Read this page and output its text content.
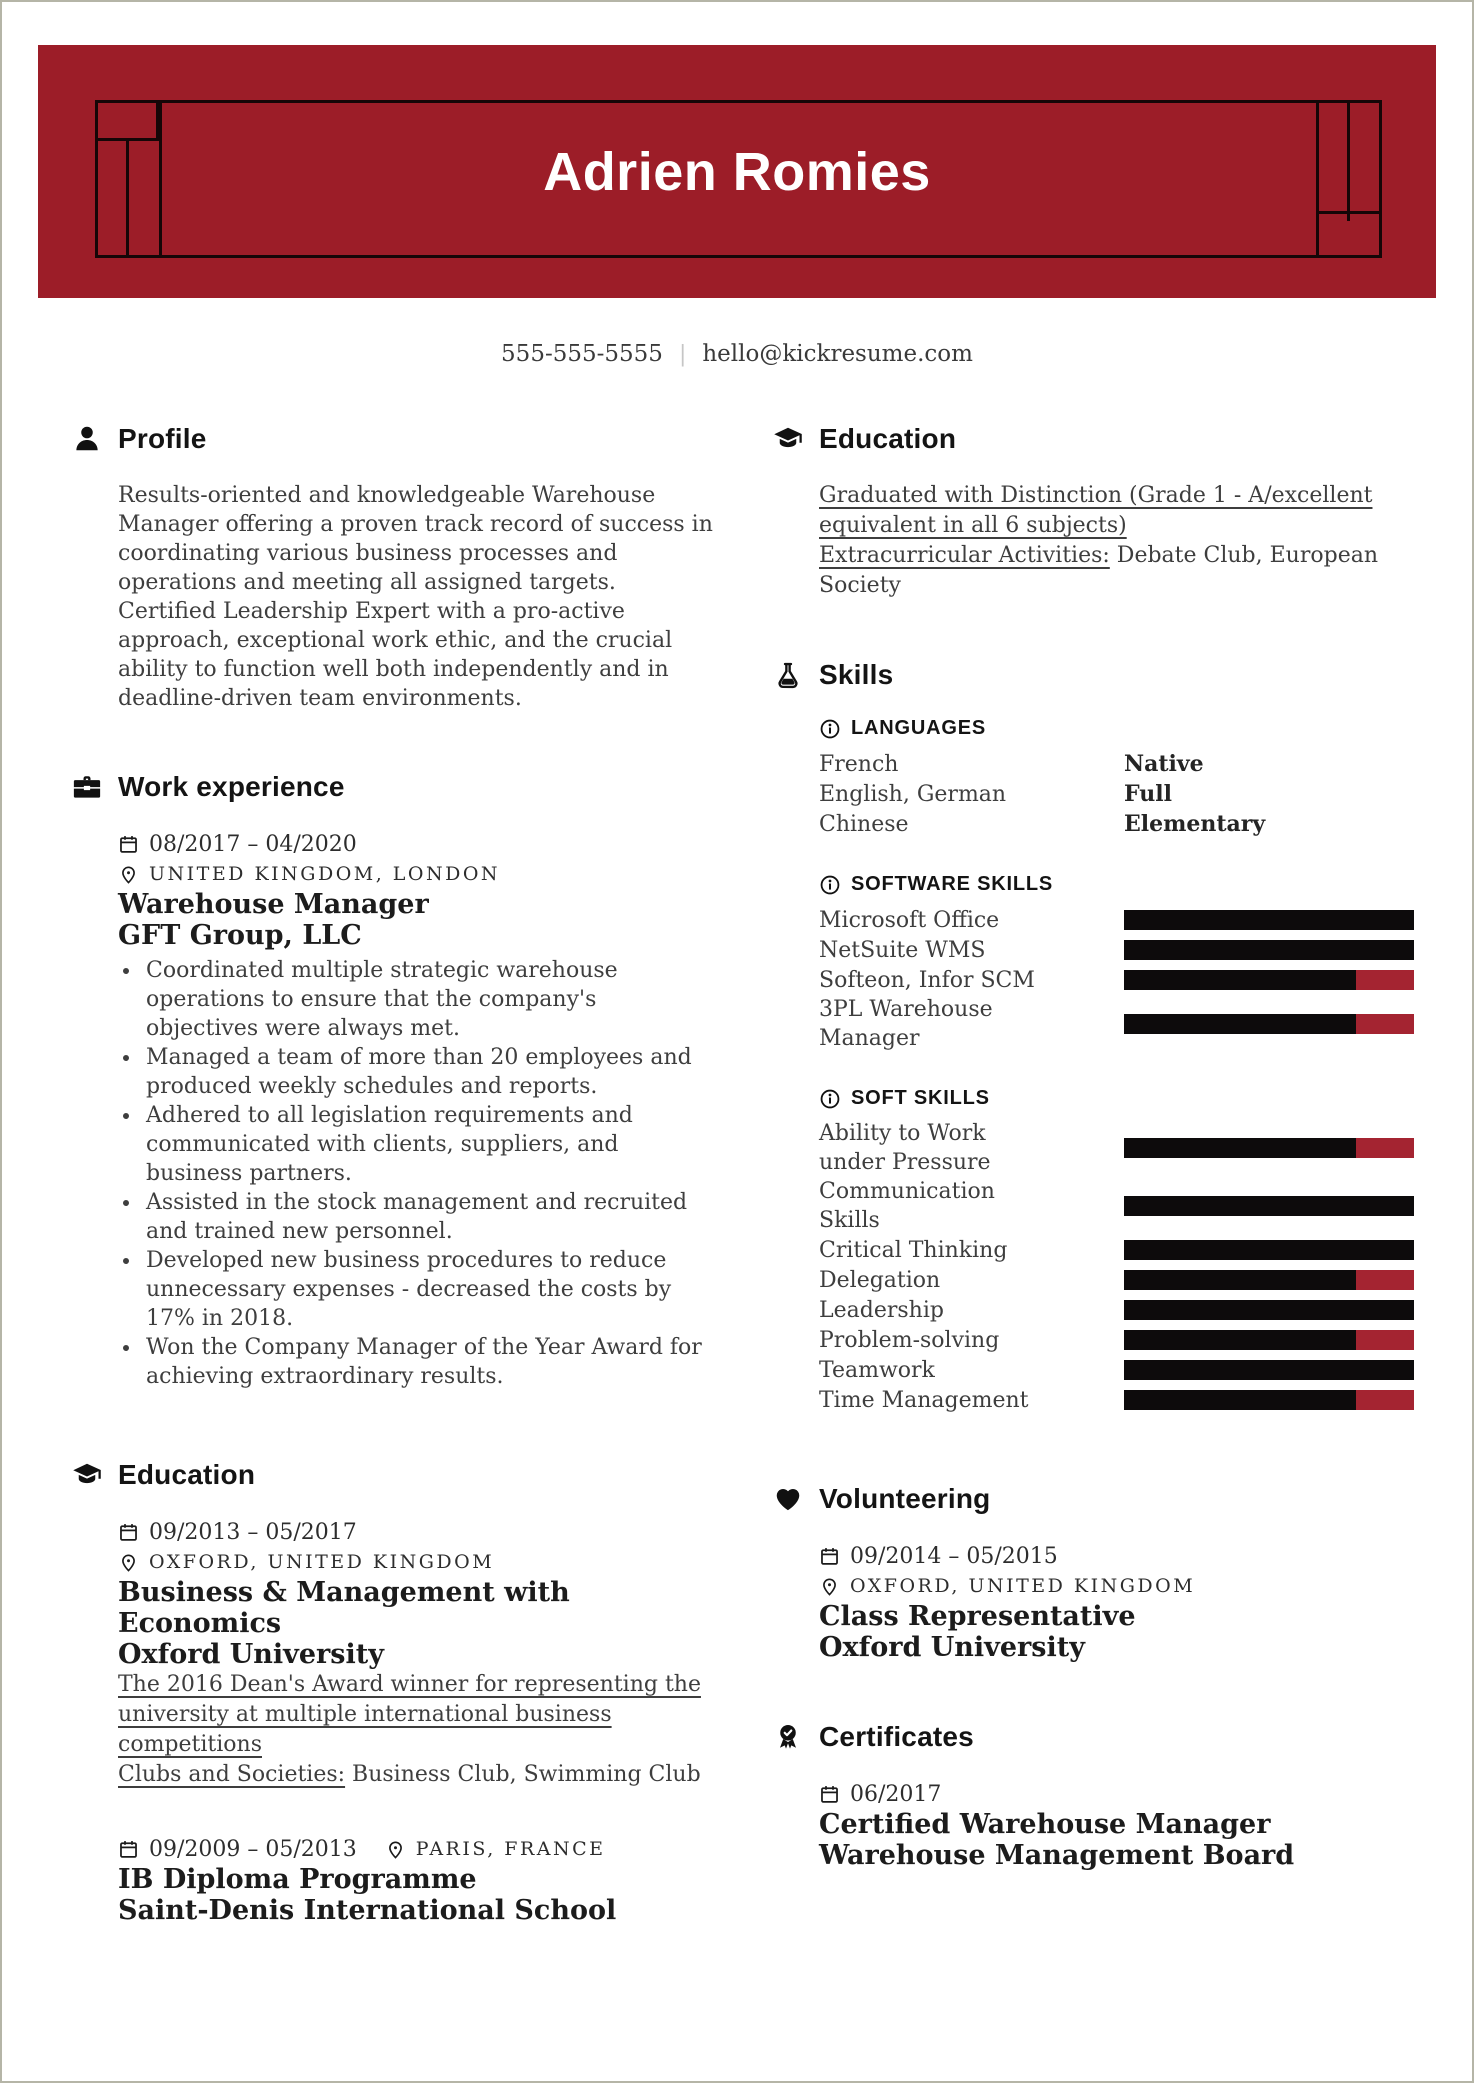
Adrien Romies
555-555-5555 | hello@kickresume.com
Profile

Results-oriented and knowledgeable Warehouse Manager offering a proven track record of success in coordinating various business processes and operations and meeting all assigned targets. Certified Leadership Expert with a pro-active approach, exceptional work ethic, and the crucial ability to function well both independently and in deadline-driven team environments.

Work experience
08/2017 – 04/2020
UNITED KINGDOM, LONDON
Warehouse Manager
GFT Group, LLC
• Coordinated multiple strategic warehouse operations to ensure that the company's objectives were always met.
• Managed a team of more than 20 employees and produced weekly schedules and reports.
• Adhered to all legislation requirements and communicated with clients, suppliers, and business partners.
• Assisted in the stock management and recruited and trained new personnel.
• Developed new business procedures to reduce unnecessary expenses - decreased the costs by 17% in 2018.
• Won the Company Manager of the Year Award for achieving extraordinary results.
Education
09/2013 – 05/2017
OXFORD, UNITED KINGDOM
Business & Management with Economics
Oxford University
The 2016 Dean's Award winner for representing the university at multiple international business competitions
Clubs and Societies: Business Club, Swimming Club
09/2009 – 05/2013	PARIS, FRANCE
IB Diploma Programme
Saint-Denis International School
Education
Graduated with Distinction (Grade 1 - A/excellent equivalent in all 6 subjects)
Extracurricular Activities: Debate Club, European Society
Skills
LANGUAGES
French	Native
English, German	Full
Chinese	Elementary
SOFTWARE SKILLS
Microsoft Office
NetSuite WMS
Softeon, Infor SCM
3PL Warehouse Manager
SOFT SKILLS
Ability to Work under Pressure
Communication Skills
Critical Thinking
Delegation
Leadership
Problem-solving
Teamwork
Time Management
Volunteering
09/2014 – 05/2015
OXFORD, UNITED KINGDOM
Class Representative
Oxford University
Certificates
06/2017
Certified Warehouse Manager
Warehouse Management Board
